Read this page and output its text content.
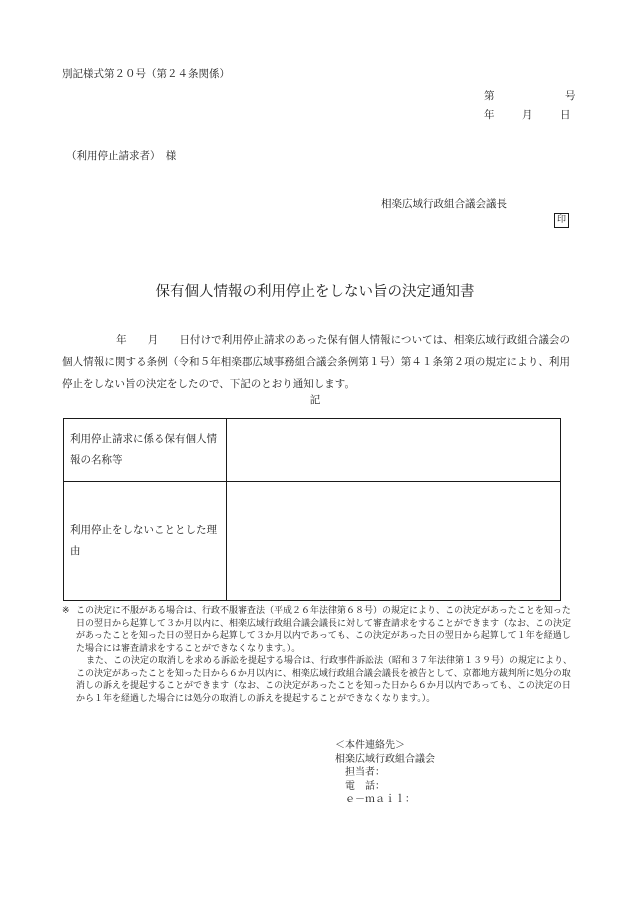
別記様式第２０号（第２４条関係）
第	号
年	月	日
（利用停止請求者）　様
相楽広域行政組合議会議長
印
保有個人情報の利用停止をしない旨の決定通知書
年　　月　　日付けで利用停止請求のあった保有個人情報については、相楽広域行政組合議会の個人情報に関する条例（令和５年相楽郡広域事務組合議会条例第１号）第４１条第２項の規定により、利用停止をしない旨の決定をしたので、下記のとおり通知します。
記
利用停止請求に係る保有個人情報の名称等	
利用停止をしないこととした理由	

※ この決定に不服がある場合は、行政不服審査法（平成２６年法律第６８号）の規定により、この決定があったことを知った日の翌日から起算して３か月以内に、相楽広域行政組合議会議長に対して審査請求をすることができます（なお、この決定があったことを知った日の翌日から起算して３か月以内であっても、この決定があった日の翌日から起算して１年を経過した場合には審査請求をすることができなくなります。）。

また、この決定の取消しを求める訴訟を提起する場合は、行政事件訴訟法（昭和３７年法律第１３９号）の規定により、この決定があったことを知った日から６か月以内に、相楽広域行政組合議会議長を被告として、京都地方裁判所に処分の取消しの訴えを提起することができます（なお、この決定があったことを知った日から６か月以内であっても、この決定の日から１年を経過した場合には処分の取消しの訴えを提起することができなくなります。）。

＜本件連絡先＞
相楽広域行政組合議会
担当者：
電　話：
ｅ－ｍａｉｌ：
